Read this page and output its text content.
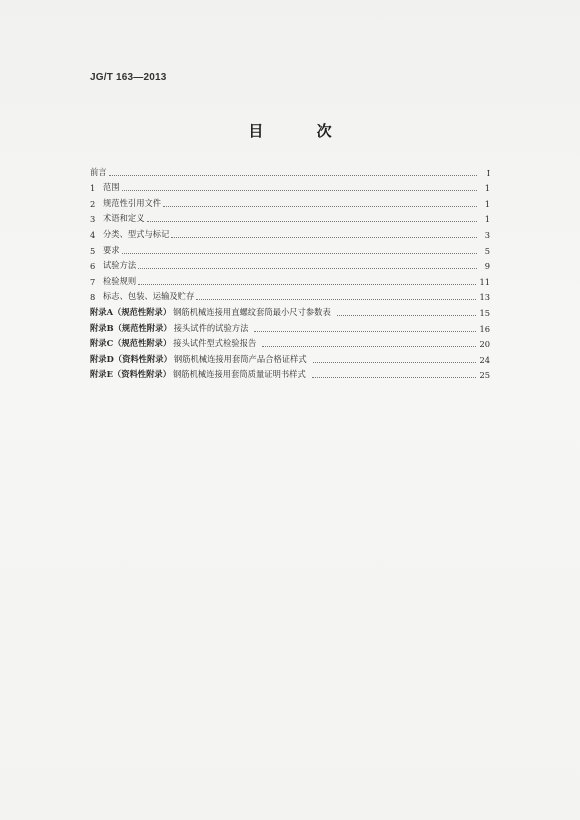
JG/T 163—2013
目 次
前言	Ⅰ
1 范围	1
2 规范性引用文件	1
3 术语和定义	1
4 分类、型式与标记	3
5 要求	5
6 试验方法	9
7 检验规则	11
8 标志、包装、运输及贮存	13
附录A（规范性附录） 钢筋机械连接用直螺纹套筒最小尺寸参数表	15
附录B（规范性附录） 接头试件的试验方法	16
附录C（规范性附录） 接头试件型式检验报告	20
附录D（资料性附录） 钢筋机械连接用套筒产品合格证样式	24
附录E（资料性附录） 钢筋机械连接用套筒质量证明书样式	25
